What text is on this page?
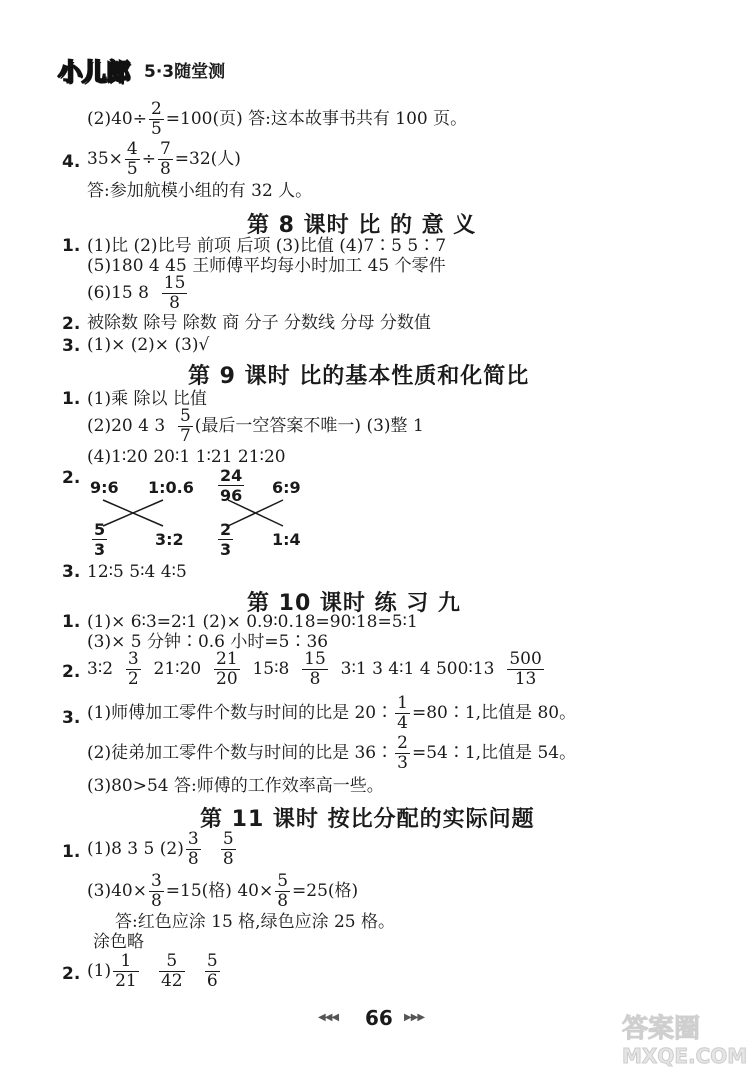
小儿郎 5·3随堂测
$(2)40\div \frac{2}{5} =100$(页) 答:这本故事书共有 100 页。
4. $35\times \frac{4}{5} \div \frac{7}{8} =32$(人)
答:参加航模小组的有 32 人。
第 8 课时 比 的 意 义
1. (1)比 (2)比号 前项 后项 (3)比值 (4)7∶5 5∶7
(5)180 4 45 王师傅平均每小时加工 45 个零件
(6)15 $8 \frac{15}{8}$
2. 被除数 除号 除数 商 分子 分数线 分母 分数值
3. (1)× (2)× (3)√
第 9 课时 比的基本性质和化简比
1. (1)乘 除以 比值
(2)20 4 $3 \frac{5}{7}$ (最后一空答案不唯一) (3)整 1
(4)1∶20 20∶1 1∶21 21∶20
2. 9:6 1:0.6 $\frac{24}{96}$ 6:9
$\frac{5}{3}$	3:2 $\frac{2}{3}$ 1:4
3. 12∶5 5∶4 4∶5
第 10 课时 练 习 九
1. (1)× 6∶3=2∶1 (2)× 0.9∶0.18=90∶18=5∶1
(3)× 5 分钟∶0.6 小时=5∶36
2. 3∶2 $\frac{3}{2}$ 21∶20 $\frac{21}{20}$ 15∶8 $\frac{15}{8}$ 3∶1 3 4∶1 4 500∶13 $\frac{500}{13}$
3. (1)师傅加工零件个数与时间的比是 20∶ $\frac{1}{4}$ =80∶1,比值是 80。
(2)徒弟加工零件个数与时间的比是 36∶ $\frac{2}{3}$ =54∶1,比值是 54。
(3)80>54 答:师傅的工作效率高一些。
第 11 课时 按比分配的实际问题
1. (1)8 3 5 $(2) \frac{3}{8}$
$\frac{5}{8}$
$(3)40\times \frac{3}{8} =15$(格) $40\times \frac{5}{8} =25$(格)
答:红色应涂 15 格,绿色应涂 25 格。
涂色略
2. $(1) \frac{1}{21}$
$\frac{5}{42}$
$\frac{5}{6}$
◀◀◀ 66 ▶▶▶	答案圈
MXQE.COM
